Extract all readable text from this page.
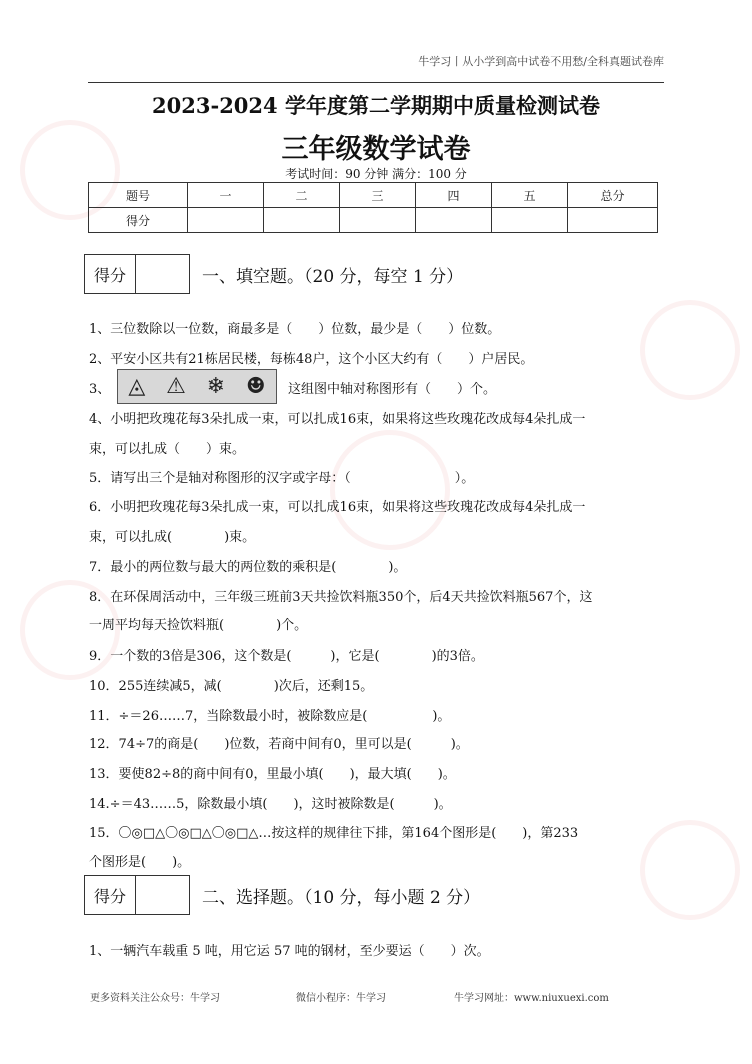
牛学习丨从小学到高中试卷不用愁/全科真题试卷库
2023-2024 学年度第二学期期中质量检测试卷
三年级数学试卷
考试时间：90 分钟 满分：100 分
题号	一	二	三	四	五	总分
得分						
得分	一、填空题。（20 分，每空 1 分）
1、三位数除以一位数，商最多是（　　）位数，最少是（　　）位数。
2、平安小区共有21栋居民楼，每栋48户，这个小区大约有（　　）户居民。
3、 ◬ ⚠ ❄ ☻ 这组图中轴对称图形有（　　）个。
4、小明把玫瑰花每3朵扎成一束，可以扎成16束，如果将这些玫瑰花改成每4朵扎成一
束，可以扎成（　　）束。
5．请写出三个是轴对称图形的汉字或字母：（　　　　　　　　）。
6．小明把玫瑰花每3朵扎成一束，可以扎成16束，如果将这些玫瑰花改成每4朵扎成一
束，可以扎成(　　　　)束。
7．最小的两位数与最大的两位数的乘积是(　　　　)。
8．在环保周活动中，三年级三班前3天共捡饮料瓶350个，后4天共捡饮料瓶567个，这
一周平均每天捡饮料瓶(　　　　)个。
9．一个数的3倍是306，这个数是(　　　)，它是(　　　　)的3倍。
10．255连续减5，减(　　　　)次后，还剩15。
11．÷＝26……7，当除数最小时，被除数应是(　　　　　)。
12．74÷7的商是(　　)位数，若商中间有0，里可以是(　　　)。
13．要使82÷8的商中间有0，里最小填(　　)，最大填(　　)。
14.÷＝43……5，除数最小填(　　)，这时被除数是(　　　)。
15．〇◎□△〇◎□△〇◎□△…按这样的规律往下排，第164个图形是(　　)，第233
个图形是(　　)。
得分	二、选择题。（10 分，每小题 2 分）
1、一辆汽车载重 5 吨，用它运 57 吨的钢材，至少要运（　　）次。
更多资料关注公众号：牛学习	微信小程序：牛学习	牛学习网址：www.niuxuexi.com
